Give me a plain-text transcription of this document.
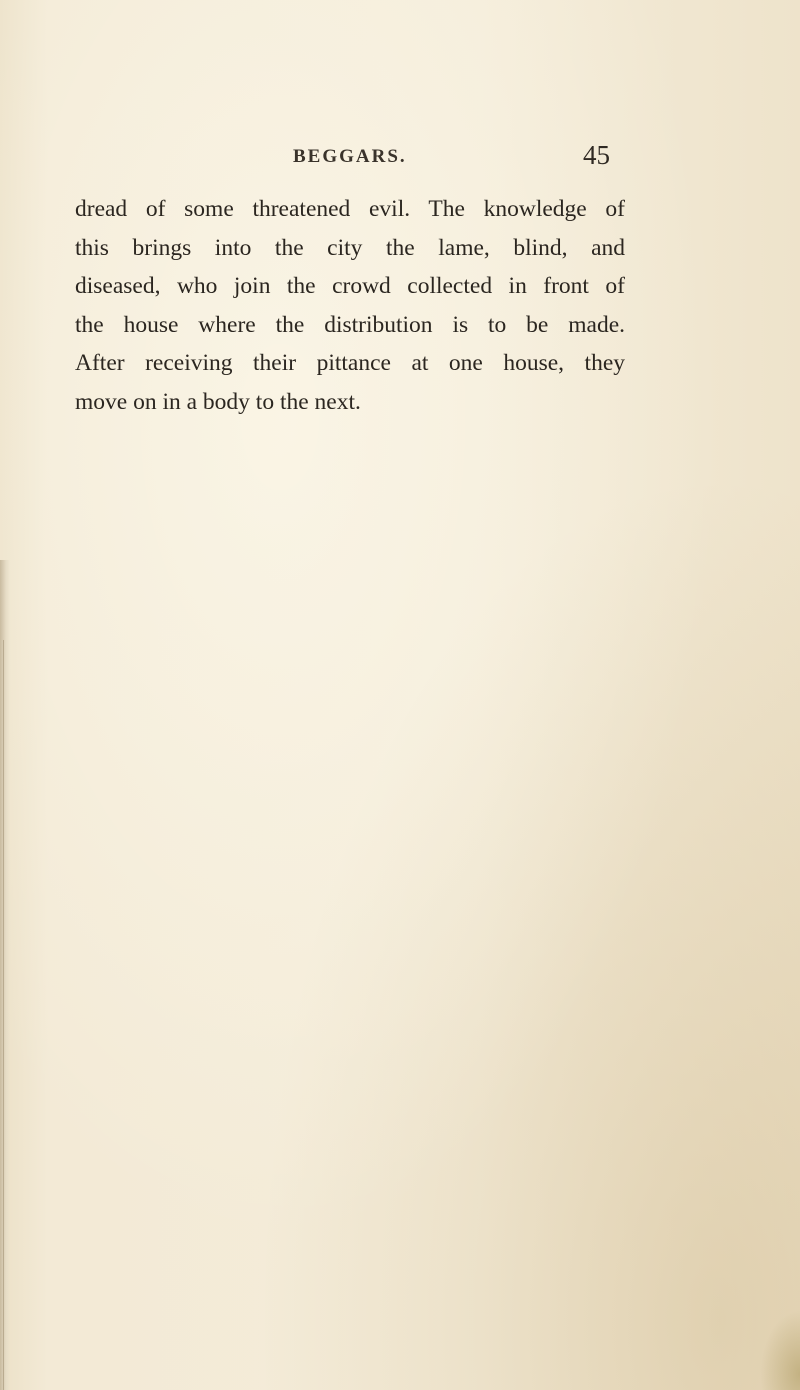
BEGGARS.	45

dread of some threatened evil. The knowledge of
this brings into the city the lame, blind, and
diseased, who join the crowd collected in front of
the house where the distribution is to be made.
After receiving their pittance at one house, they
move on in a body to the next.
